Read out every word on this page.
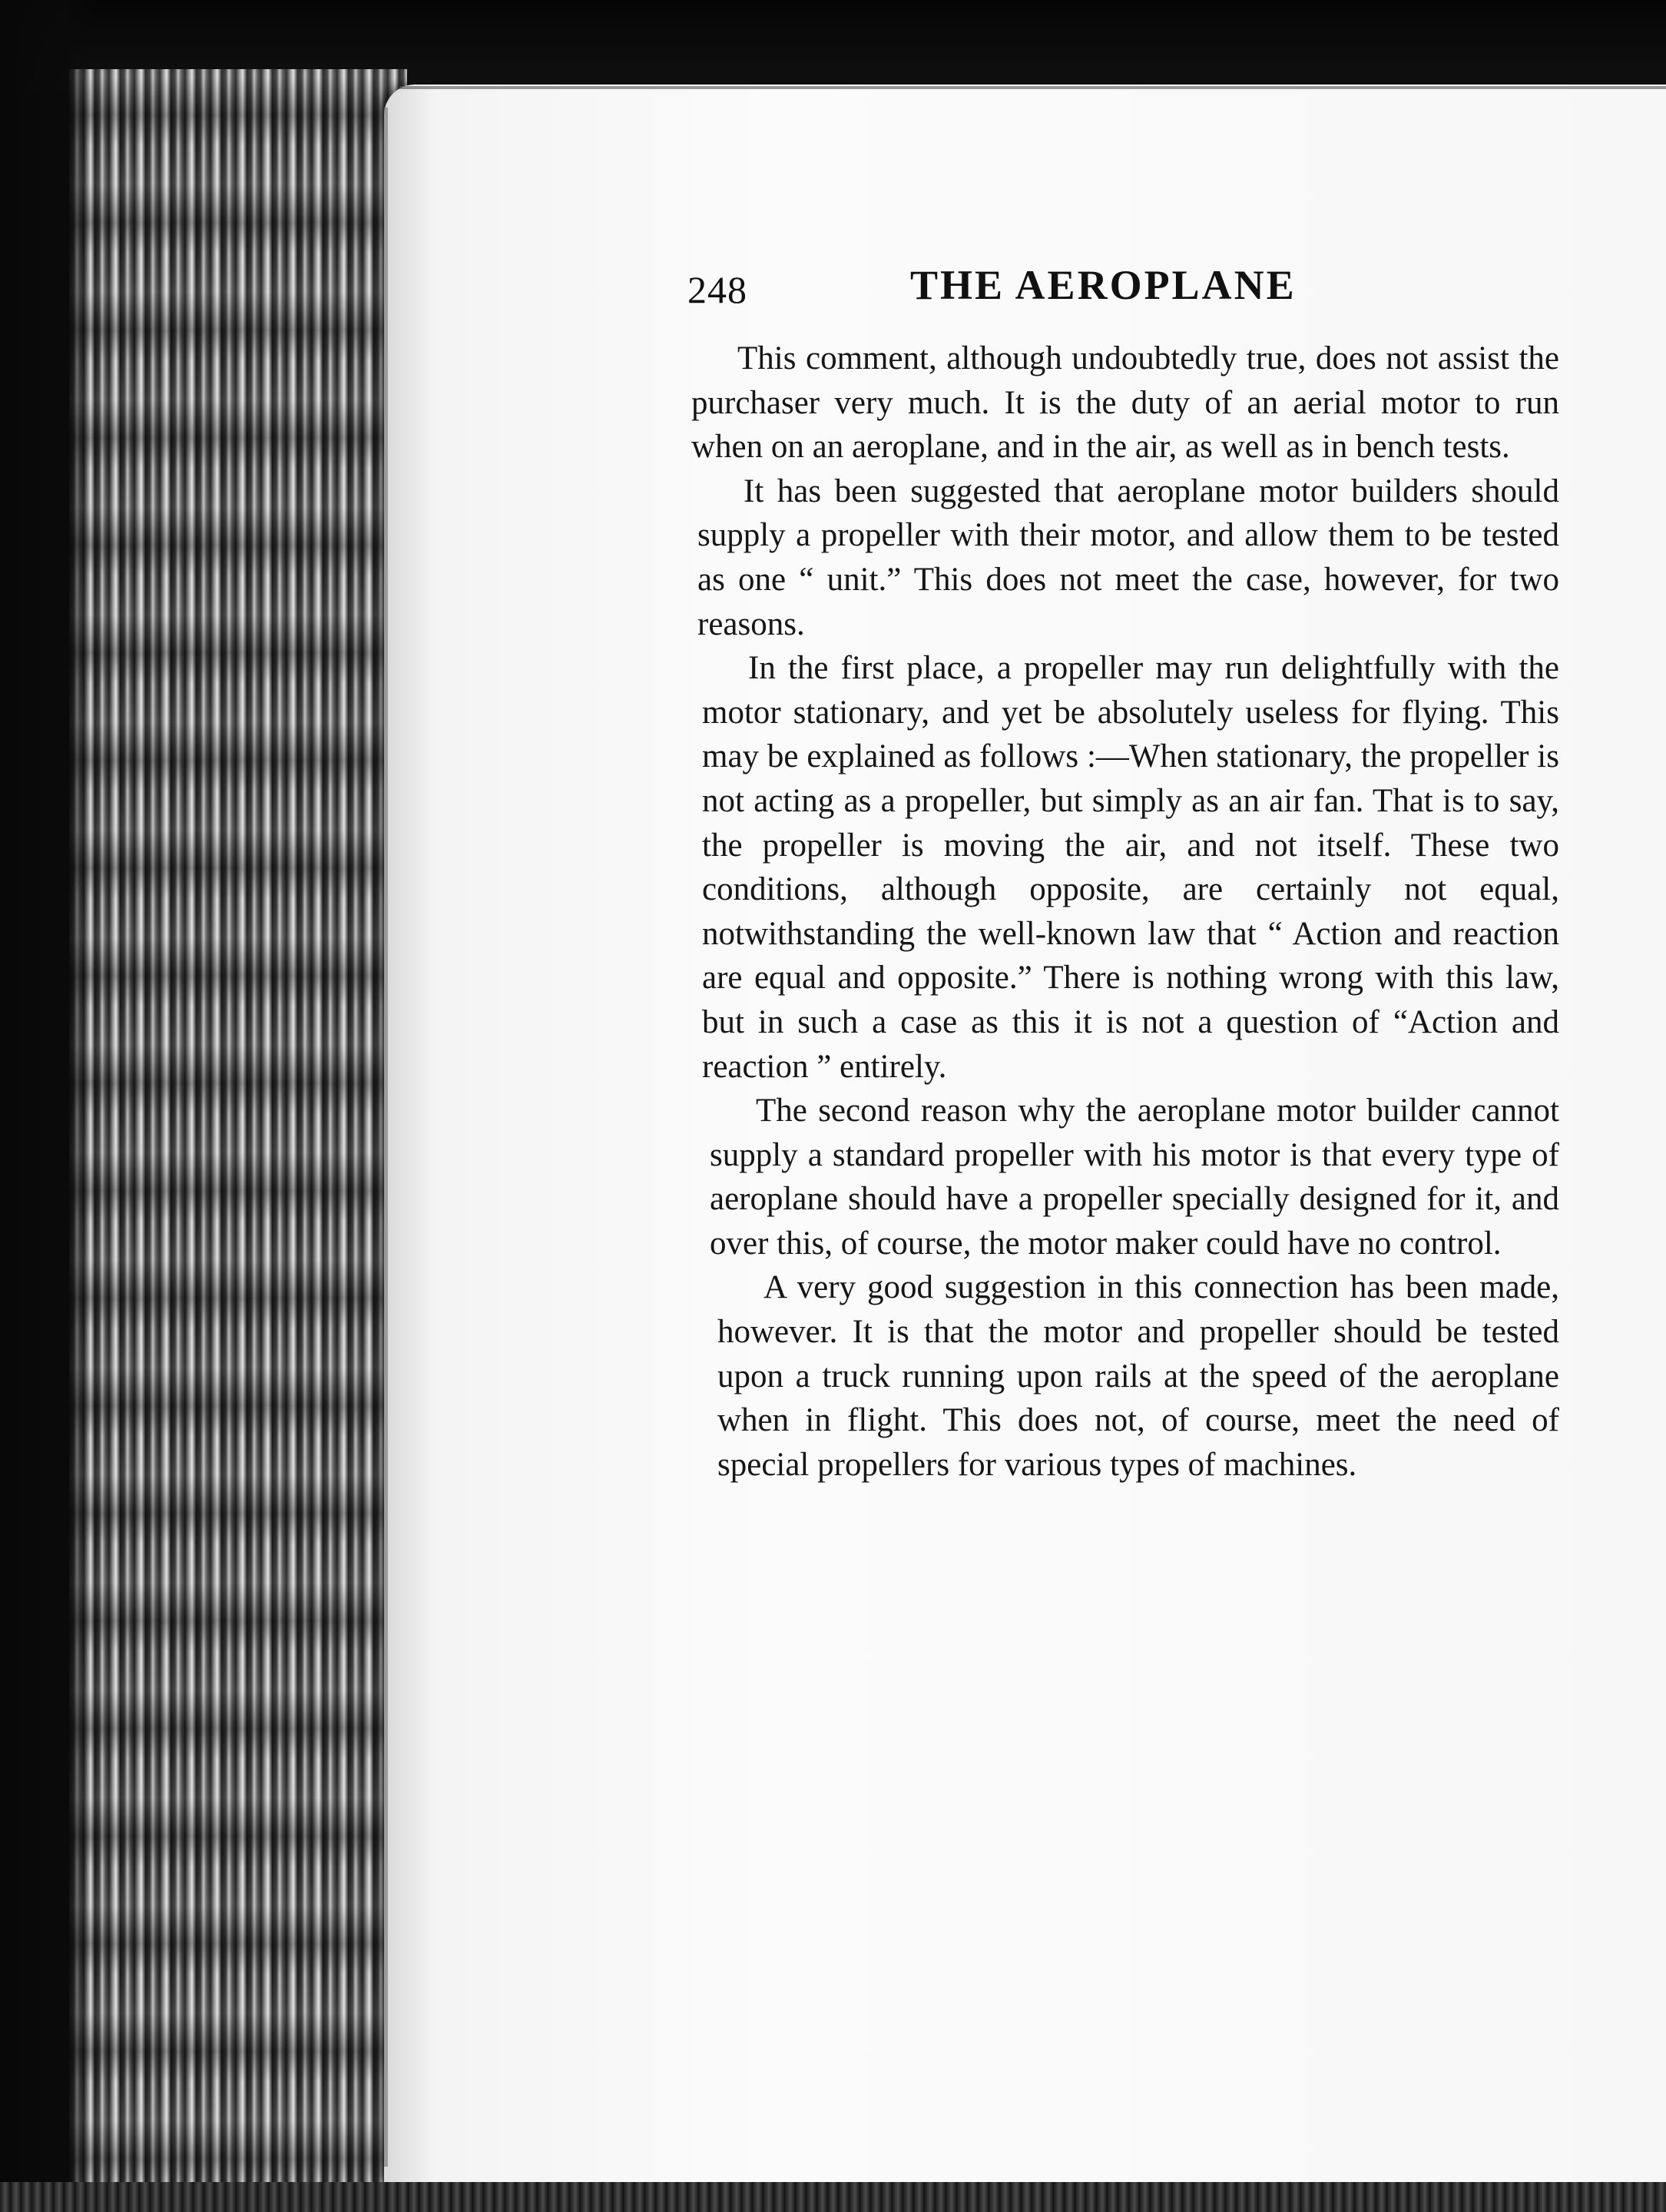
248	THE AEROPLANE

This comment, although undoubtedly true, does not assist the purchaser very much. It is the duty of an aerial motor to run when on an aeroplane, and in the air, as well as in bench tests.

It has been suggested that aeroplane motor builders should supply a propeller with their motor, and allow them to be tested as one “ unit.” This does not meet the case, however, for two reasons.

In the first place, a propeller may run delightfully with the motor stationary, and yet be absolutely useless for flying. This may be explained as follows :—When stationary, the propeller is not acting as a propeller, but simply as an air fan. That is to say, the propeller is moving the air, and not itself. These two conditions, although opposite, are certainly not equal, notwithstanding the well-known law that “ Action and reaction are equal and opposite.” There is nothing wrong with this law, but in such a case as this it is not a question of “Action and reaction ” entirely.

The second reason why the aeroplane motor builder cannot supply a standard propeller with his motor is that every type of aeroplane should have a propeller specially designed for it, and over this, of course, the motor maker could have no control.

A very good suggestion in this connection has been made, however. It is that the motor and propeller should be tested upon a truck running upon rails at the speed of the aeroplane when in flight. This does not, of course, meet the need of special propellers for various types of machines.
